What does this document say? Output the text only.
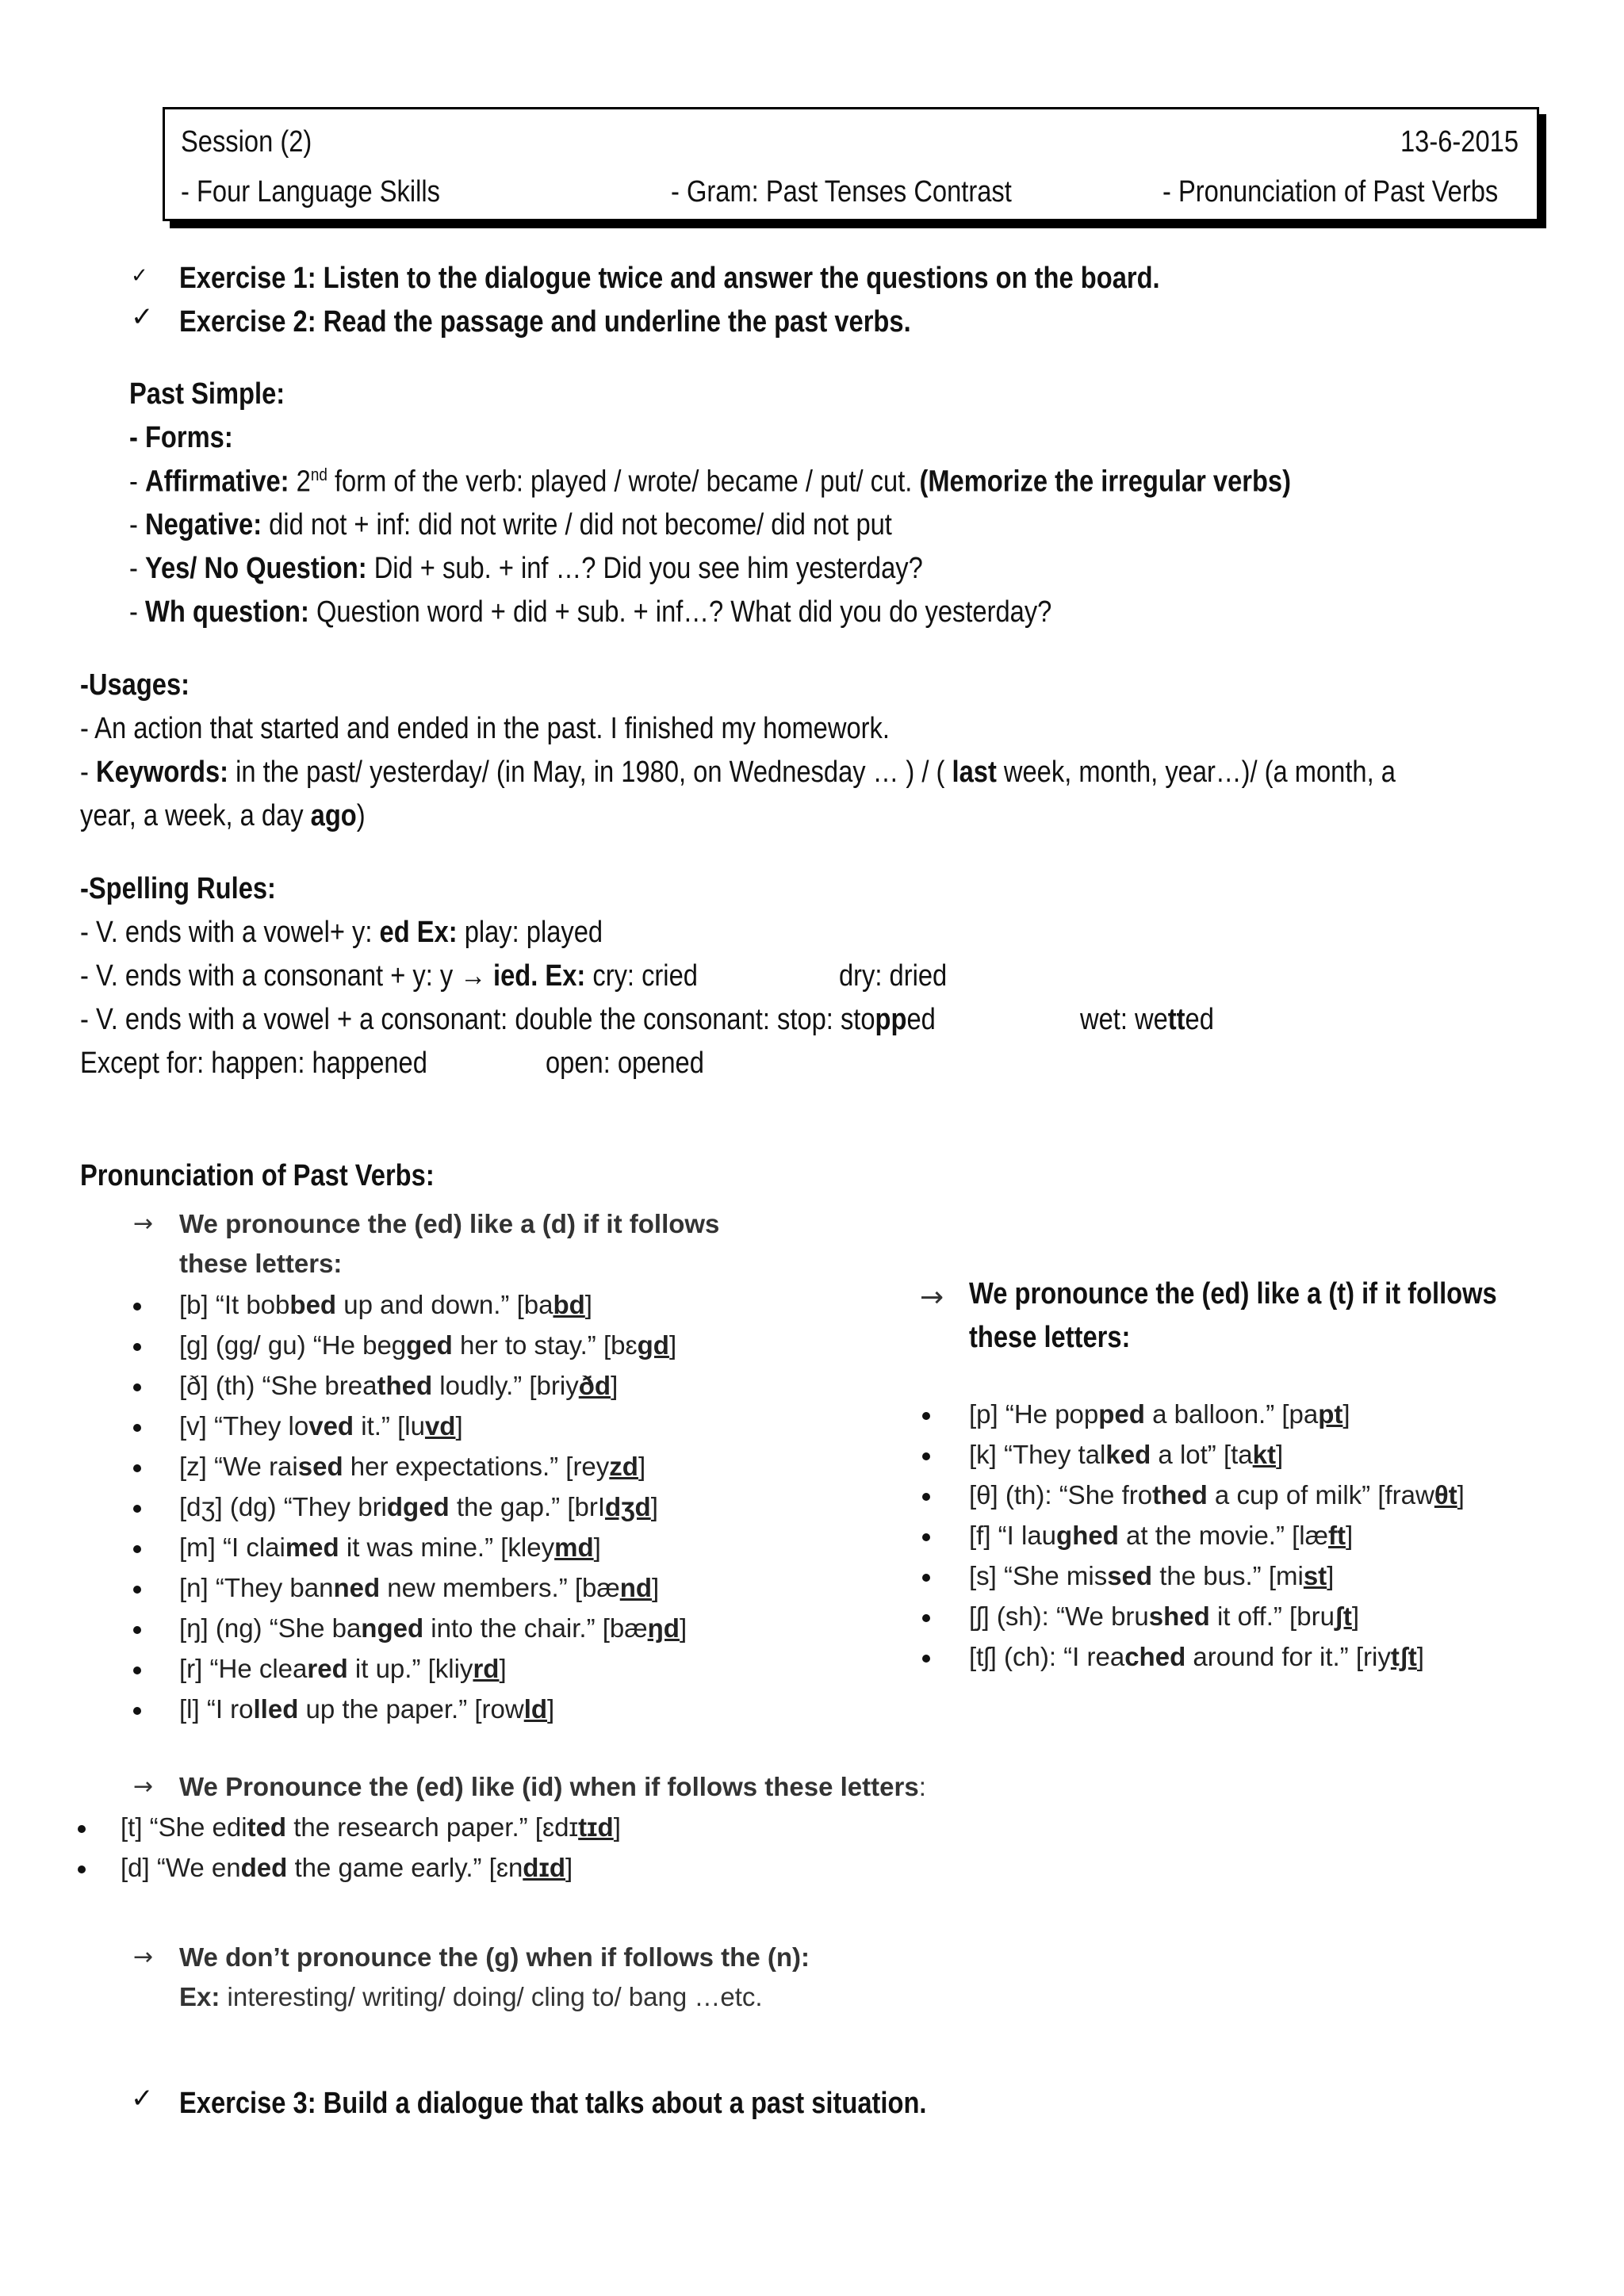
Session (2)	13-6-2015
- Four Language Skills	- Gram: Past Tenses Contrast	- Pronunciation of Past Verbs
✓ Exercise 1: Listen to the dialogue twice and answer the questions on the board.
✓ Exercise 2: Read the passage and underline the past verbs.
Past Simple:
- Forms:
- Affirmative: 2nd form of the verb: played / wrote/ became / put/ cut. (Memorize the irregular verbs)
- Negative: did not + inf: did not write / did not become/ did not put
- Yes/ No Question: Did + sub. + inf …? Did you see him yesterday?
- Wh question: Question word + did + sub. + inf…? What did you do yesterday?
-Usages:
- An action that started and ended in the past. I finished my homework.
- Keywords: in the past/ yesterday/ (in May, in 1980, on Wednesday … ) / ( last week, month, year…)/ (a month, a
year, a week, a day ago)
-Spelling Rules:
- V. ends with a vowel+ y: ed Ex: play: played
- V. ends with a consonant + y: y → ied. Ex: cry: cried	dry: dried
- V. ends with a vowel + a consonant: double the consonant: stop: stopped	wet: wetted
Except for: happen: happened	open: opened
Pronunciation of Past Verbs:
→ We pronounce the (ed) like a (d) if it follows
these letters:
[b] “It bobbed up and down.” [babd]
[g] (gg/ gu) “He begged her to stay.” [bɛgd]
[ð] (th) “She breathed loudly.” [briyðd]
[v] “They loved it.” [luvd]
[z] “We raised her expectations.” [reyzd]
[dʒ] (dg) “They bridged the gap.” [brIdʒd]
[m] “I claimed it was mine.” [kleymd]
[n] “They banned new members.” [bænd]
[ŋ] (ng) “She banged into the chair.” [bæŋd]
[r] “He cleared it up.” [kliyrd]
[l] “I rolled up the paper.” [rowld]
→ We pronounce the (ed) like a (t) if it follows
these letters:
[p] “He popped a balloon.” [papt]
[k] “They talked a lot” [takt]
[θ] (th): “She frothed a cup of milk” [frawθt]
[f] “I laughed at the movie.” [læft]
[s] “She missed the bus.” [mist]
[ʃ] (sh): “We brushed it off.” [bruʃt]
[tʃ] (ch): “I reached around for it.” [riytʃt]
→ We Pronounce the (ed) like (id) when if follows these letters:
[t] “She edited the research paper.” [ɛdɪtɪd]
[d] “We ended the game early.” [ɛndɪd]
→ We don’t pronounce the (g) when if follows the (n):
Ex: interesting/ writing/ doing/ cling to/ bang …etc.
✓ Exercise 3: Build a dialogue that talks about a past situation.
